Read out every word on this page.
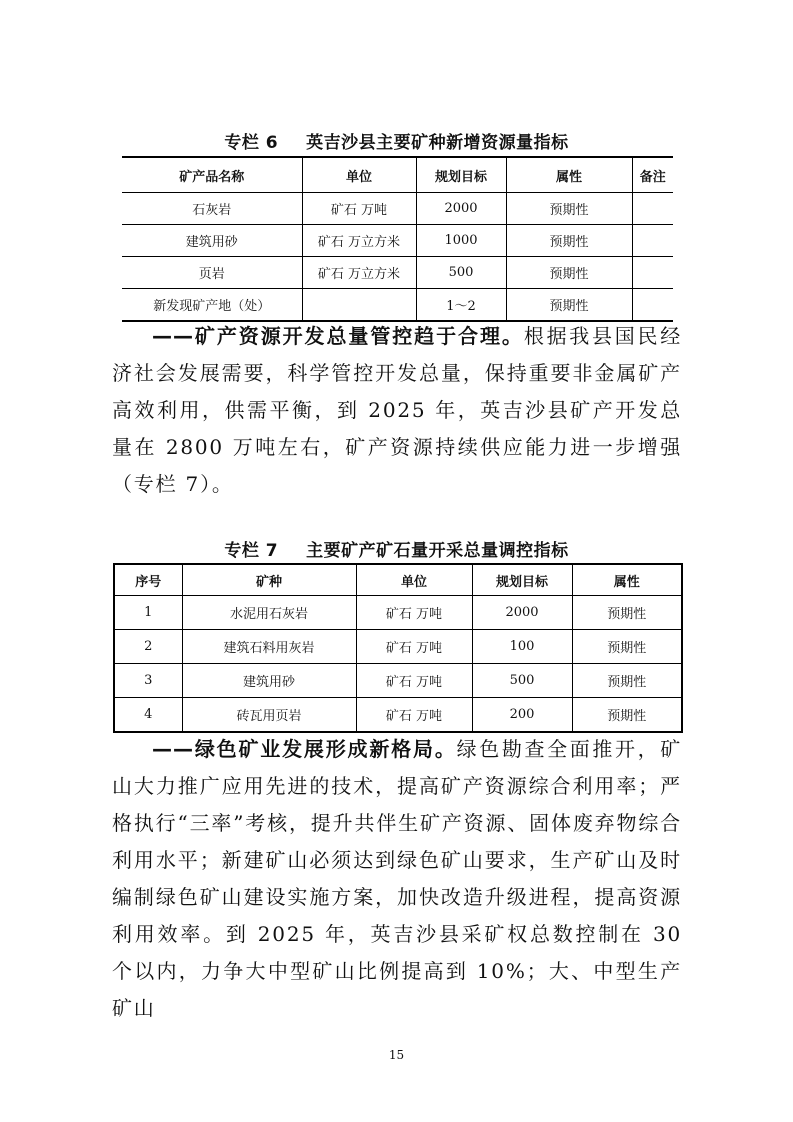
专栏 6 英吉沙县主要矿种新增资源量指标
矿产品名称	单位	规划目标	属性	备注
石灰岩	矿石 万吨	2000	预期性	
建筑用砂	矿石 万立方米	1000	预期性	
页岩	矿石 万立方米	500	预期性	
新发现矿产地（处）		1～2	预期性	

——矿产资源开发总量管控趋于合理。根据我县国民经济社会发展需要，科学管控开发总量，保持重要非金属矿产高效利用，供需平衡，到 2025 年，英吉沙县矿产开发总量在 2800 万吨左右，矿产资源持续供应能力进一步增强（专栏 7）。

专栏 7 主要矿产矿石量开采总量调控指标
序号	矿种	单位	规划目标	属性
1	水泥用石灰岩	矿石 万吨	2000	预期性
2	建筑石料用灰岩	矿石 万吨	100	预期性
3	建筑用砂	矿石 万吨	500	预期性
4	砖瓦用页岩	矿石 万吨	200	预期性

——绿色矿业发展形成新格局。绿色勘查全面推开，矿山大力推广应用先进的技术，提高矿产资源综合利用率；严格执行“三率”考核，提升共伴生矿产资源、固体废弃物综合利用水平；新建矿山必须达到绿色矿山要求，生产矿山及时编制绿色矿山建设实施方案，加快改造升级进程，提高资源利用效率。到 2025 年，英吉沙县采矿权总数控制在 30 个以内，力争大中型矿山比例提高到 10%；大、中型生产矿山

15
